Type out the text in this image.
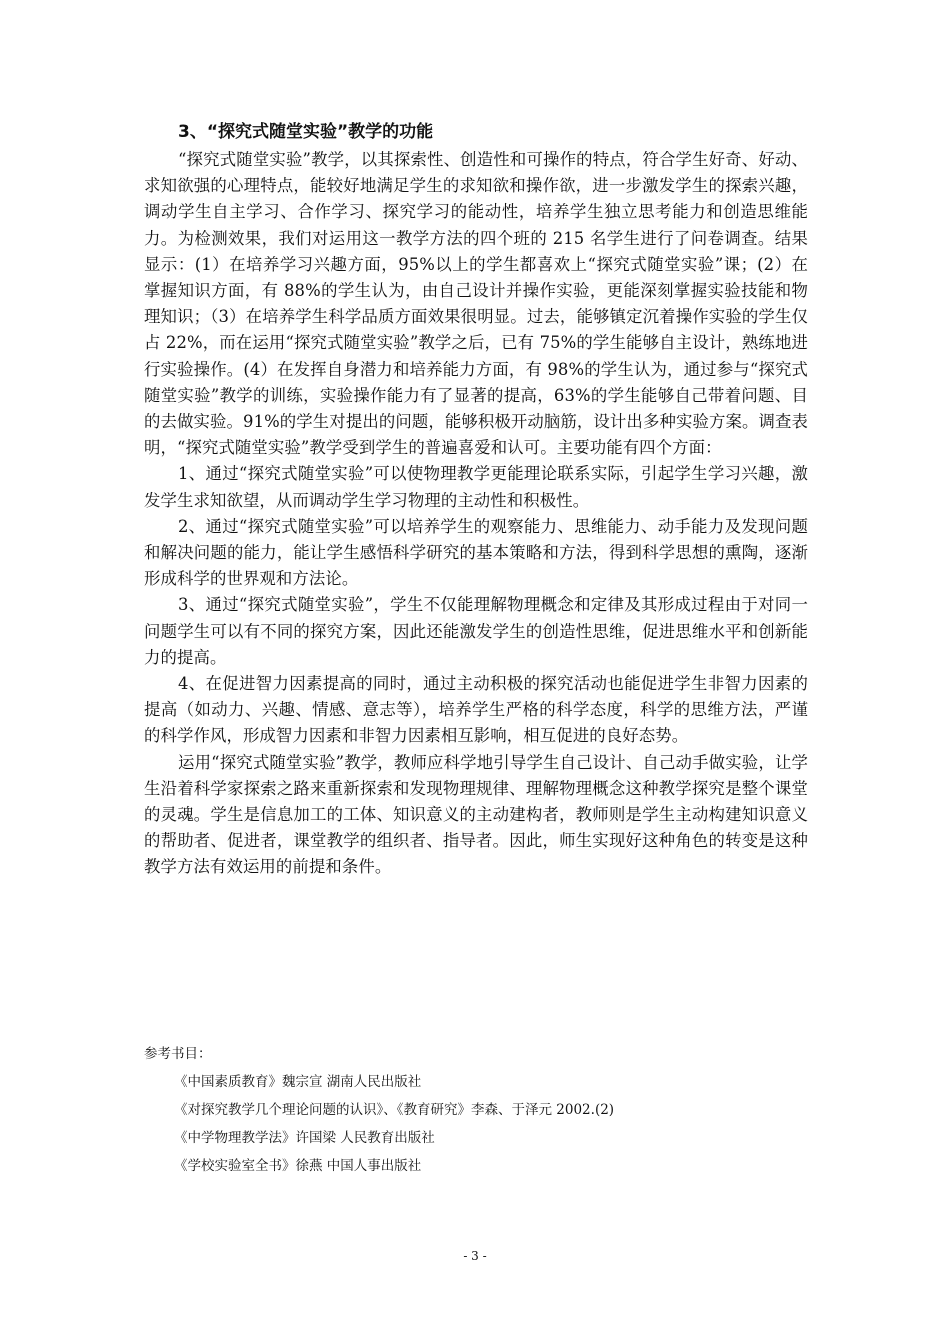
3、“探究式随堂实验”教学的功能

“探究式随堂实验”教学，以其探索性、创造性和可操作的特点，符合学生好奇、好动、求知欲强的心理特点，能较好地满足学生的求知欲和操作欲，进一步激发学生的探索兴趣，调动学生自主学习、合作学习、探究学习的能动性，培养学生独立思考能力和创造思维能力。为检测效果，我们对运用这一教学方法的四个班的 215 名学生进行了问卷调查。结果显示：(1）在培养学习兴趣方面，95%以上的学生都喜欢上“探究式随堂实验”课；(2）在掌握知识方面，有 88%的学生认为，由自己设计并操作实验，更能深刻掌握实验技能和物理知识；（3）在培养学生科学品质方面效果很明显。过去，能够镇定沉着操作实验的学生仅占 22%，而在运用“探究式随堂实验”教学之后，已有 75%的学生能够自主设计，熟练地进行实验操作。(4）在发挥自身潜力和培养能力方面，有 98%的学生认为，通过参与“探究式随堂实验”教学的训练，实验操作能力有了显著的提高，63%的学生能够自己带着问题、目的去做实验。91%的学生对提出的问题，能够积极开动脑筋，设计出多种实验方案。调查表明，“探究式随堂实验”教学受到学生的普遍喜爱和认可。主要功能有四个方面：

1、通过“探究式随堂实验”可以使物理教学更能理论联系实际，引起学生学习兴趣，激发学生求知欲望，从而调动学生学习物理的主动性和积极性。

2、通过“探究式随堂实验”可以培养学生的观察能力、思维能力、动手能力及发现问题和解决问题的能力，能让学生感悟科学研究的基本策略和方法，得到科学思想的熏陶，逐渐形成科学的世界观和方法论。

3、通过“探究式随堂实验”，学生不仅能理解物理概念和定律及其形成过程由于对同一问题学生可以有不同的探究方案，因此还能激发学生的创造性思维，促进思维水平和创新能力的提高。

4、在促进智力因素提高的同时，通过主动积极的探究活动也能促进学生非智力因素的提高（如动力、兴趣、情感、意志等），培养学生严格的科学态度，科学的思维方法，严谨的科学作风，形成智力因素和非智力因素相互影响，相互促进的良好态势。

运用“探究式随堂实验”教学，教师应科学地引导学生自己设计、自己动手做实验，让学生沿着科学家探索之路来重新探索和发现物理规律、理解物理概念这种教学探究是整个课堂的灵魂。学生是信息加工的工体、知识意义的主动建构者，教师则是学生主动构建知识意义的帮助者、促进者，课堂教学的组织者、指导者。因此，师生实现好这种角色的转变是这种教学方法有效运用的前提和条件。

参考书目：

《中国素质教育》魏宗宣 湖南人民出版社

《对探究教学几个理论问题的认识》、《教育研究》李森、于泽元 2002.(2)

《中学物理教学法》许国梁 人民教育出版社

《学校实验室全书》徐燕 中国人事出版社

- 3 -
